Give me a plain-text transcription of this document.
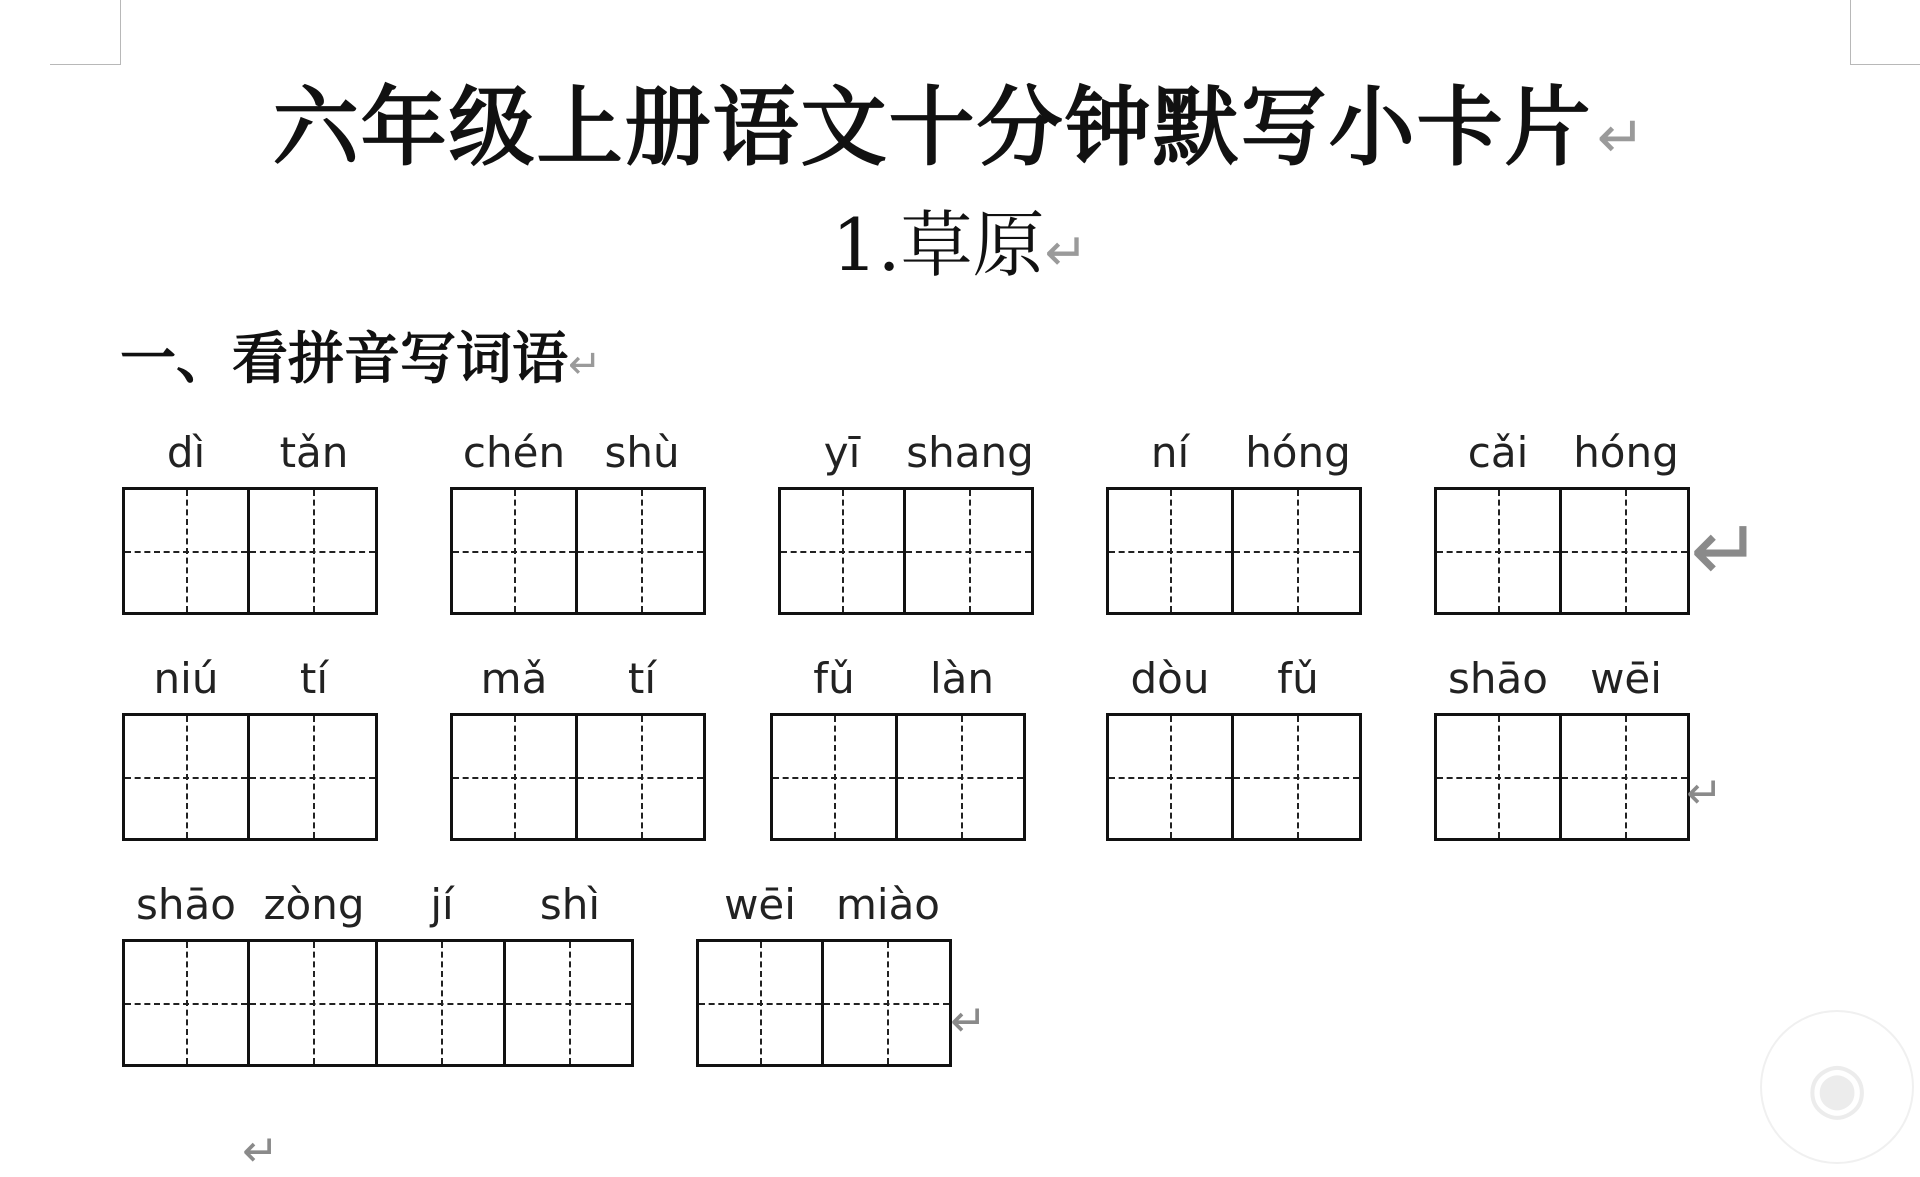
六年级上册语文十分钟默写小卡片↵
1.草原↵
一、看拼音写词语↵
dì	tǎn	chén shù	yī	shang	ní	hóng	cǎi	hóng
↵
niú	tí	mǎ	tí	fǔ	làn	dòu	fǔ	shāo	wēi
↵
shāo zòng	jí	shì	wēi miào
↵
↵
◉
